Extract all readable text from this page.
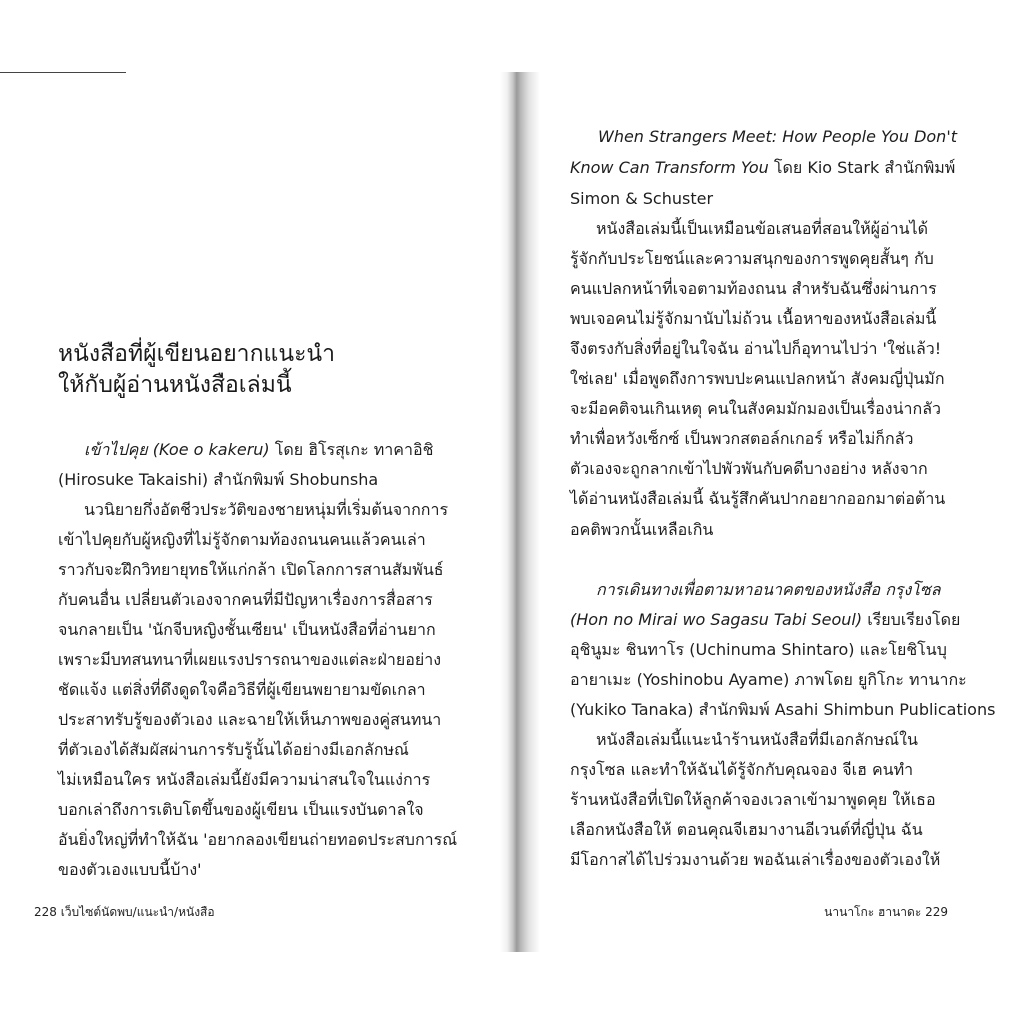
หนังสือที่ผู้เขียนอยากแนะนำ
ให้กับผู้อ่านหนังสือเล่มนี้
เข้าไปคุย (Koe o kakeru) โดย ฮิโรสุเกะ ทาคาอิชิ
(Hirosuke Takaishi) สำนักพิมพ์ Shobunsha
นวนิยายกึ่งอัตชีวประวัติของชายหนุ่มที่เริ่มต้นจากการ
เข้าไปคุยกับผู้หญิงที่ไม่รู้จักตามท้องถนนคนแล้วคนเล่า
ราวกับจะฝึกวิทยายุทธให้แก่กล้า เปิดโลกการสานสัมพันธ์
กับคนอื่น เปลี่ยนตัวเองจากคนที่มีปัญหาเรื่องการสื่อสาร
จนกลายเป็น 'นักจีบหญิงชั้นเซียน' เป็นหนังสือที่อ่านยาก
เพราะมีบทสนทนาที่เผยแรงปรารถนาของแต่ละฝ่ายอย่าง
ชัดแจ้ง แต่สิ่งที่ดึงดูดใจคือวิธีที่ผู้เขียนพยายามขัดเกลา
ประสาทรับรู้ของตัวเอง และฉายให้เห็นภาพของคู่สนทนา
ที่ตัวเองได้สัมผัสผ่านการรับรู้นั้นได้อย่างมีเอกลักษณ์
ไม่เหมือนใคร หนังสือเล่มนี้ยังมีความน่าสนใจในแง่การ
บอกเล่าถึงการเติบโตขึ้นของผู้เขียน เป็นแรงบันดาลใจ
อันยิ่งใหญ่ที่ทำให้ฉัน 'อยากลองเขียนถ่ายทอดประสบการณ์
ของตัวเองแบบนี้บ้าง'
228 เว็บไซต์นัดพบ/แนะนำ/หนังสือ
When Strangers Meet: How People You Don't
Know Can Transform You โดย Kio Stark สำนักพิมพ์
Simon & Schuster
หนังสือเล่มนี้เป็นเหมือนข้อเสนอที่สอนให้ผู้อ่านได้
รู้จักกับประโยชน์และความสนุกของการพูดคุยสั้นๆ กับ
คนแปลกหน้าที่เจอตามท้องถนน สำหรับฉันซึ่งผ่านการ
พบเจอคนไม่รู้จักมานับไม่ถ้วน เนื้อหาของหนังสือเล่มนี้
จึงตรงกับสิ่งที่อยู่ในใจฉัน อ่านไปก็อุทานไปว่า 'ใช่แล้ว!
ใช่เลย' เมื่อพูดถึงการพบปะคนแปลกหน้า สังคมญี่ปุ่นมัก
จะมีอคติจนเกินเหตุ คนในสังคมมักมองเป็นเรื่องน่ากลัว
ทำเพื่อหวังเซ็กซ์ เป็นพวกสตอล์กเกอร์ หรือไม่ก็กลัว
ตัวเองจะถูกลากเข้าไปพัวพันกับคดีบางอย่าง หลังจาก
ได้อ่านหนังสือเล่มนี้ ฉันรู้สึกคันปากอยากออกมาต่อต้าน
อคติพวกนั้นเหลือเกิน
การเดินทางเพื่อตามหาอนาคตของหนังสือ กรุงโซล
(Hon no Mirai wo Sagasu Tabi Seoul) เรียบเรียงโดย
อุชินูมะ ชินทาโร (Uchinuma Shintaro) และโยชิโนบุ
อายาเมะ (Yoshinobu Ayame) ภาพโดย ยูกิโกะ ทานากะ
(Yukiko Tanaka) สำนักพิมพ์ Asahi Shimbun Publications
หนังสือเล่มนี้แนะนำร้านหนังสือที่มีเอกลักษณ์ใน
กรุงโซล และทำให้ฉันได้รู้จักกับคุณจอง จีเฮ คนทำ
ร้านหนังสือที่เปิดให้ลูกค้าจองเวลาเข้ามาพูดคุย ให้เธอ
เลือกหนังสือให้ ตอนคุณจีเฮมางานอีเวนต์ที่ญี่ปุ่น ฉัน
มีโอกาสได้ไปร่วมงานด้วย พอฉันเล่าเรื่องของตัวเองให้
นานาโกะ ฮานาดะ 229
